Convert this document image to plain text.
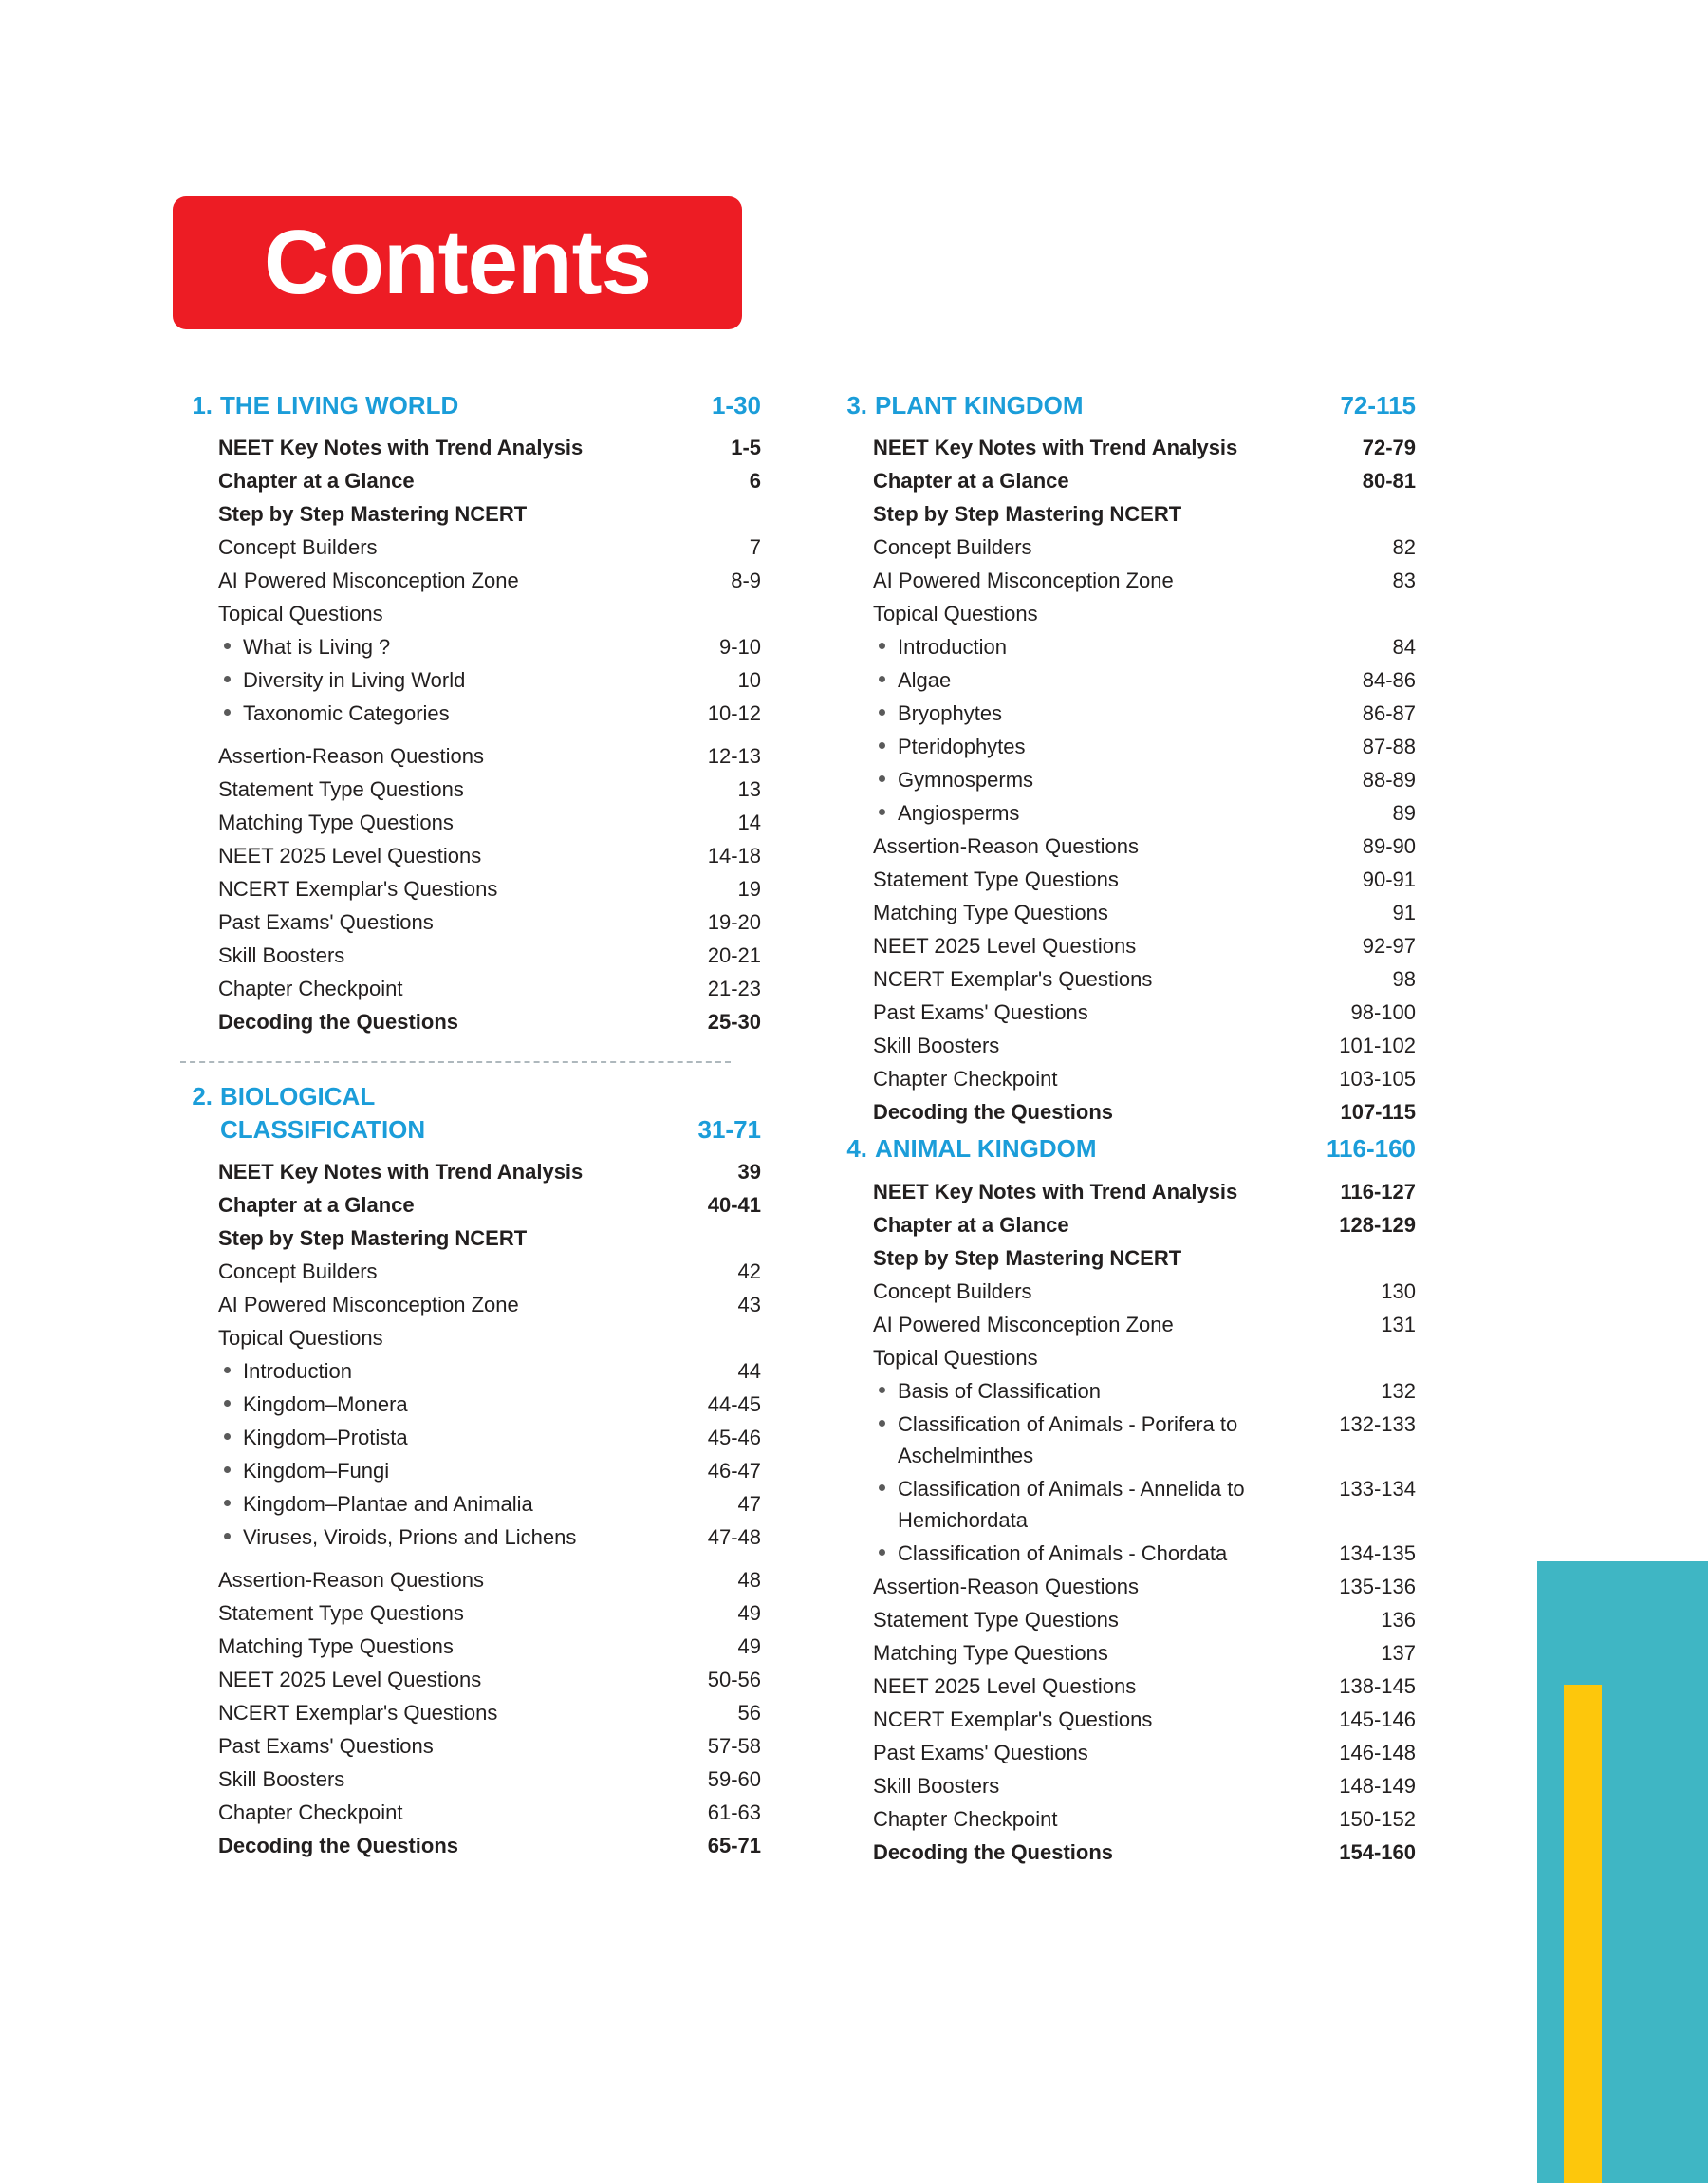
Contents
1. THE LIVING WORLD	1-30
NEET Key Notes with Trend Analysis	1-5
Chapter at a Glance	6
Step by Step Mastering NCERT
Concept Builders	7
AI Powered Misconception Zone	8-9
Topical Questions
What is Living ?	9-10
Diversity in Living World	10
Taxonomic Categories	10-12
Assertion-Reason Questions	12-13
Statement Type Questions	13
Matching Type Questions	14
NEET 2025 Level Questions	14-18
NCERT Exemplar's Questions	19
Past Exams' Questions	19-20
Skill Boosters	20-21
Chapter Checkpoint	21-23
Decoding the Questions	25-30
2. BIOLOGICAL
CLASSIFICATION	31-71
NEET Key Notes with Trend Analysis	39
Chapter at a Glance	40-41
Step by Step Mastering NCERT
Concept Builders	42
AI Powered Misconception Zone	43
Topical Questions
Introduction	44
Kingdom–Monera	44-45
Kingdom–Protista	45-46
Kingdom–Fungi	46-47
Kingdom–Plantae and Animalia	47
Viruses, Viroids, Prions and Lichens	47-48
Assertion-Reason Questions	48
Statement Type Questions	49
Matching Type Questions	49
NEET 2025 Level Questions	50-56
NCERT Exemplar's Questions	56
Past Exams' Questions	57-58
Skill Boosters	59-60
Chapter Checkpoint	61-63
Decoding the Questions	65-71
3. PLANT KINGDOM	72-115
NEET Key Notes with Trend Analysis	72-79
Chapter at a Glance	80-81
Step by Step Mastering NCERT
Concept Builders	82
AI Powered Misconception Zone	83
Topical Questions
Introduction	84
Algae	84-86
Bryophytes	86-87
Pteridophytes	87-88
Gymnosperms	88-89
Angiosperms	89
Assertion-Reason Questions	89-90
Statement Type Questions	90-91
Matching Type Questions	91
NEET 2025 Level Questions	92-97
NCERT Exemplar's Questions	98
Past Exams' Questions	98-100
Skill Boosters	101-102
Chapter Checkpoint	103-105
Decoding the Questions	107-115
4. ANIMAL KINGDOM	116-160
NEET Key Notes with Trend Analysis	116-127
Chapter at a Glance	128-129
Step by Step Mastering NCERT
Concept Builders	130
AI Powered Misconception Zone	131
Topical Questions
Basis of Classification	132
Classification of Animals - Porifera to Aschelminthes
132-133
Classification of Animals - Annelida to Hemichordata
133-134
Classification of Animals - Chordata	134-135
Assertion-Reason Questions	135-136
Statement Type Questions	136
Matching Type Questions	137
NEET 2025 Level Questions	138-145
NCERT Exemplar's Questions	145-146
Past Exams' Questions	146-148
Skill Boosters	148-149
Chapter Checkpoint	150-152
Decoding the Questions	154-160
